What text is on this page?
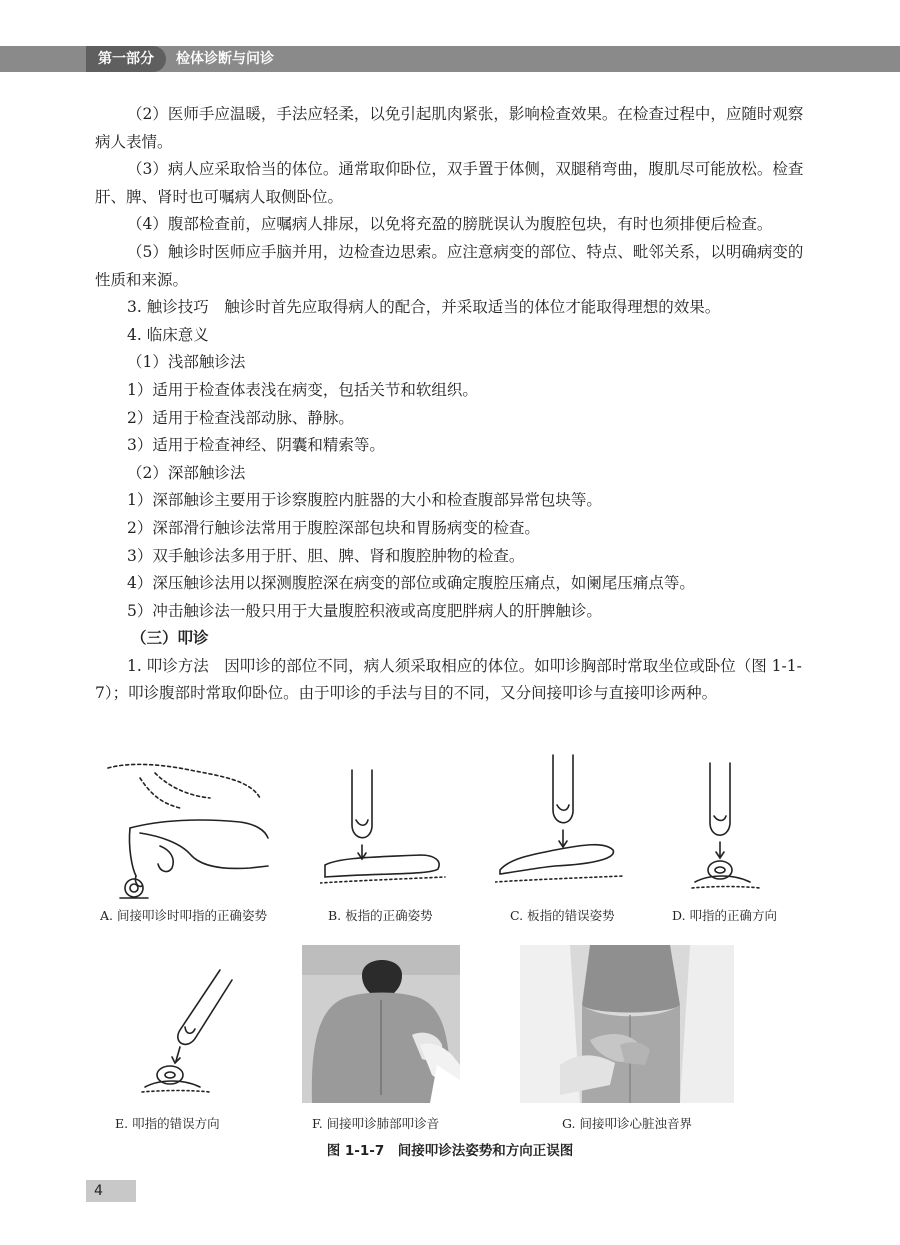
第一部分	检体诊断与问诊

（2）医师手应温暖，手法应轻柔，以免引起肌肉紧张，影响检查效果。在检查过程中，应随时观察病人表情。

（3）病人应采取恰当的体位。通常取仰卧位，双手置于体侧，双腿稍弯曲，腹肌尽可能放松。检查肝、脾、肾时也可嘱病人取侧卧位。

（4）腹部检查前，应嘱病人排尿，以免将充盈的膀胱误认为腹腔包块，有时也须排便后检查。

（5）触诊时医师应手脑并用，边检查边思索。应注意病变的部位、特点、毗邻关系，以明确病变的性质和来源。

3. 触诊技巧　触诊时首先应取得病人的配合，并采取适当的体位才能取得理想的效果。

4. 临床意义

（1）浅部触诊法

1）适用于检查体表浅在病变，包括关节和软组织。

2）适用于检查浅部动脉、静脉。

3）适用于检查神经、阴囊和精索等。

（2）深部触诊法

1）深部触诊主要用于诊察腹腔内脏器的大小和检查腹部异常包块等。

2）深部滑行触诊法常用于腹腔深部包块和胃肠病变的检查。

3）双手触诊法多用于肝、胆、脾、肾和腹腔肿物的检查。

4）深压触诊法用以探测腹腔深在病变的部位或确定腹腔压痛点，如阑尾压痛点等。

5）冲击触诊法一般只用于大量腹腔积液或高度肥胖病人的肝脾触诊。

（三）叩诊

1. 叩诊方法　因叩诊的部位不同，病人须采取相应的体位。如叩诊胸部时常取坐位或卧位（图 1-1-7）；叩诊腹部时常取仰卧位。由于叩诊的手法与目的不同，又分间接叩诊与直接叩诊两种。

A. 间接叩诊时叩指的正确姿势	B. 板指的正确姿势	C. 板指的错误姿势	D. 叩指的正确方向
E. 叩指的错误方向	F. 间接叩诊肺部叩诊音	G. 间接叩诊心脏浊音界
图 1-1-7　间接叩诊法姿势和方向正误图
4
